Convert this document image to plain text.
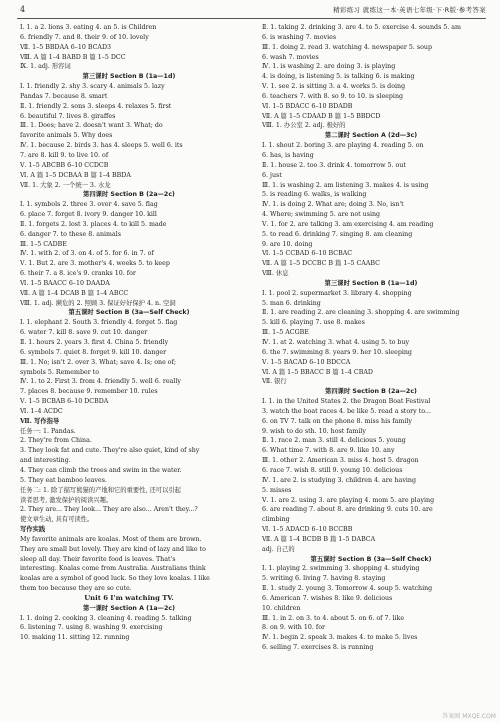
4	精彩练习 就练这一本·英语七年级·下·R版·参考答案
Ⅰ. 1. a 2. lions 3. eating 4. an 5. is Children
6. friendly 7. and 8. their 9. of 10. lovely
Ⅶ. 1–5 BBDAA 6–10 BCAD3
Ⅷ. A 篇 1–4 BABD B 篇 1–5 DCC
Ⅸ. 1. adj. 形容词
第三课时 Section B (1a—1d)
Ⅰ. 1. friendly 2. shy 3. scary 4. animals 5. lazy
Pandas 7. because 8. smart
Ⅱ. 1. friendly 2. sons 3. sleeps 4. relaxes 5. first
6. beautiful 7. lives 8. giraffes
Ⅲ. 1. Does; have 2. doesn't want 3. What; do
favorite animals 5. Why does
Ⅳ. 1. because 2. birds 3. has 4. sleeps 5. well 6. its
7. are 8. kill 9. to live 10. of
Ⅴ. 1–5 ABCBB 6–10 CCDCB
Ⅵ. A 篇 1–5 DCBAA B 篇 1–4 BBDA
Ⅶ. 1. 大象 2. 一个统一 3. 水龙
第四课时 Section B (2a—2c)
Ⅰ. 1. symbols 2. three 3. over 4. save 5. flag
6. place 7. forget 8. ivory 9. danger 10. kill
Ⅱ. 1. forgets 2. lost 3. places 4. to kill 5. made
6. danger 7. to these 8. animals
Ⅲ. 1–5 CADBE
Ⅳ. 1. with 2. of 3. on 4. of 5. for 6. in 7. of
Ⅴ. 1. But 2. are 3. mother's 4. weeks 5. to keep
6. their 7. a 8. ice's 9. cranks 10. for
Ⅵ. 1–5 BAACC 6–10 DAADA
Ⅶ. A 篇 1–4 DCAB B 篇 1–4 ABCC
Ⅷ. 1. adj. 濒危的 2. 照顾 3. 保证好好保护 4. n. 空洞
第五课时 Section B (3a—Self Check)
Ⅰ. 1. elephant 2. South 3. friendly 4. forget 5. flag
6. water 7. kill 8. save 9. cut 10. danger
Ⅱ. 1. hours 2. years 3. first 4. China 5. friendly
6. symbols 7. quiet 8. forget 9. kill 10. danger
Ⅲ. 1. No; isn't 2. over 3. What; save 4. Is; one of;
symbols 5. Remember to
Ⅳ. 1. to 2. First 3. from 4. friendly 5. well 6. really
7. places 8. because 9. remember 10. rules
Ⅴ. 1–5 BCBAB 6–10 DCBDA
Ⅵ. 1–4 ACDC
Ⅶ. 写作指导
任务一: 1. Pandas.
2. They're from China.
3. They look fat and cute. They're also quiet, kind of shy
and interesting.
4. They can climb the trees and swim in the water.
5. They eat bamboo leaves.
任务二: 1. 除了描写熊猫的产地和它的重要性, 还可以引起
读者思考, 激发保护的阅读兴趣。
2. They are... They look... They are also... Aren't they...?
使文章生动, 具有可读性。
写作实践
My favorite animals are koalas. Most of them are brown.
They are small but lovely. They are kind of lazy and like to
sleep all day. Their favorite food is leaves. That's
interesting. Koalas come from Australia. Australians think
koalas are a symbol of good luck. So they love koalas. I like
them too because they are so cute.
Unit 6 I'm watching TV.
第一课时 Section A (1a—2c)
Ⅰ. 1. doing 2. cooking 3. cleaning 4. reading 5. talking
6. listening 7. using 8. washing 9. exercising
10. making 11. sitting 12. running
Ⅱ. 1. taking 2. drinking 3. are 4. to 5. exercise 4. sounds 5. am
6. is washing 7. movies
Ⅲ. 1. doing 2. read 3. watching 4. newspaper 5. soup
6. wash 7. movies
Ⅳ. 1. is washing 2. are doing 3. is playing
4. is doing, is listening 5. is talking 6. is making
Ⅴ. 1. see 2. is sitting 3. a 4. works 5. is doing
6. teachers 7. with 8. so 9. to 10. is sleeping
Ⅵ. 1–5 BDACC 6–10 BDADB
Ⅶ. A 篇 1–5 CDAAD B 篇 1–5 BBDCD
Ⅷ. 1. 办公室 2. adj. 极好的
第二课时 Section A (2d—3c)
Ⅰ. 1. shout 2. boring 3. are playing 4. reading 5. on
6. has, is having
Ⅱ. 1. house 2. too 3. drink 4. tomorrow 5. out
6. just
Ⅲ. 1. is washing 2. am listening 3. makes 4. is using
5. is reading 6. walks, is walking
Ⅳ. 1. is doing 2. What are; doing 3. No, isn't
4. Where; swimming 5. are not using
Ⅴ. 1. for 2. are talking 3. am exercising 4. am reading
5. to read 6. drinking 7. singing 8. am cleaning
9. are 10. doing
Ⅵ. 1–5 CCBAD 6–10 BCBAC
Ⅶ. A 篇 1–5 DCCBC B 篇 1–5 CAABC
Ⅷ. 休息
第三课时 Section B (1a—1d)
Ⅰ. 1. pool 2. supermarket 3. library 4. shopping
5. man 6. drinking
Ⅱ. 1. are reading 2. are cleaning 3. shopping 4. are swimming
5. kill 6. playing 7. use 8. makes
Ⅲ. 1–5 ACGBE
Ⅳ. 1. at 2. watching 3. what 4. using 5. to buy
6. the 7. swimming 8. years 9. her 10. sleeping
Ⅴ. 1–5 BACAD 6–10 BDCCA
Ⅵ. A 篇 1–5 BBACC B 篇 1–4 CBAD
Ⅶ. 银行
第四课时 Section B (2a—2c)
Ⅰ. 1. in the United States 2. the Dragon Boat Festival
3. watch the boat races 4. be like 5. read a story to...
6. on TV 7. talk on the phone 8. miss his family
9. wish to do sth. 10. host family
Ⅱ. 1. race 2. man 3. still 4. delicious 5. young
6. What time 7. with 8. are 9. like 10. any
Ⅲ. 1. other 2. American 3. miss 4. host 5. dragon
6. race 7. wish 8. still 9. young 10. delicious
Ⅳ. 1. are 2. is studying 3. children 4. are having
5. misses
Ⅴ. 1. are 2. using 3. are playing 4. mom 5. are playing
6. are reading 7. about 8. are drinking 9. cuts 10. are
climbing
Ⅵ. 1–5 ADACD 6–10 BCCBB
Ⅶ. A 篇 1–4 BCDB B 篇 1–5 DABCA
adj. 自己的
第五课时 Section B (3a—Self Check)
Ⅰ. 1. playing 2. swimming 3. shopping 4. studying
5. writing 6. living 7. having 8. staying
Ⅱ. 1. study 2. young 3. Tomorrow 4. soup 5. watching
6. American 7. wishes 8. like 9. delicious
10. children
Ⅲ. 1. in 2. on 3. to 4. about 5. on 6. of 7. like
8. on 9. with 10. for
Ⅳ. 1. begin 2. speak 3. makes 4. to make 5. lives
6. selling 7. exercises 8. is running
答案圈 MXQE.COM
